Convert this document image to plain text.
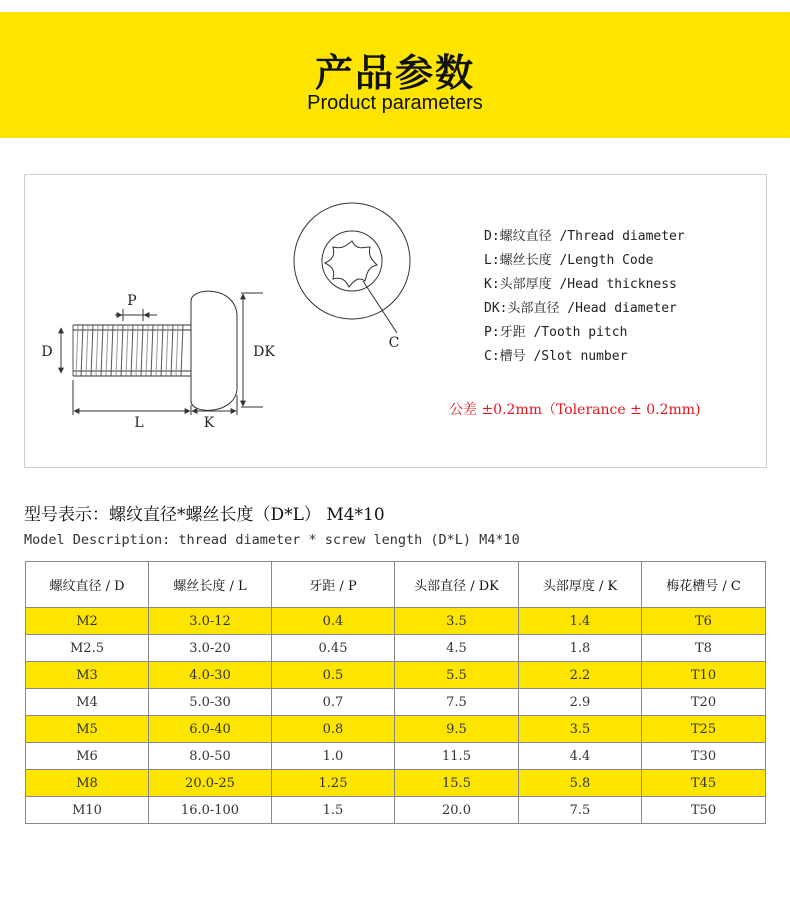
产品参数
Product parameters
P
D	DK
L	K
C
D:螺纹直径 /Thread diameter
L:螺丝长度 /Length Code
K:头部厚度 /Head thickness
DK:头部直径 /Head diameter
P:牙距 /Tooth pitch
C:槽号 /Slot number
公差 ±0.2mm（Tolerance ± 0.2mm)
型号表示：螺纹直径*螺丝长度（D*L） M4*10
Model Description: thread diameter * screw length (D*L) M4*10
螺纹直径 / D	螺丝长度 / L	牙距 / P	头部直径 / DK	头部厚度 / K	梅花槽号 / C
M2	3.0-12	0.4	3.5	1.4	T6
M2.5	3.0-20	0.45	4.5	1.8	T8
M3	4.0-30	0.5	5.5	2.2	T10
M4	5.0-30	0.7	7.5	2.9	T20
M5	6.0-40	0.8	9.5	3.5	T25
M6	8.0-50	1.0	11.5	4.4	T30
M8	20.0-25	1.25	15.5	5.8	T45
M10	16.0-100	1.5	20.0	7.5	T50
